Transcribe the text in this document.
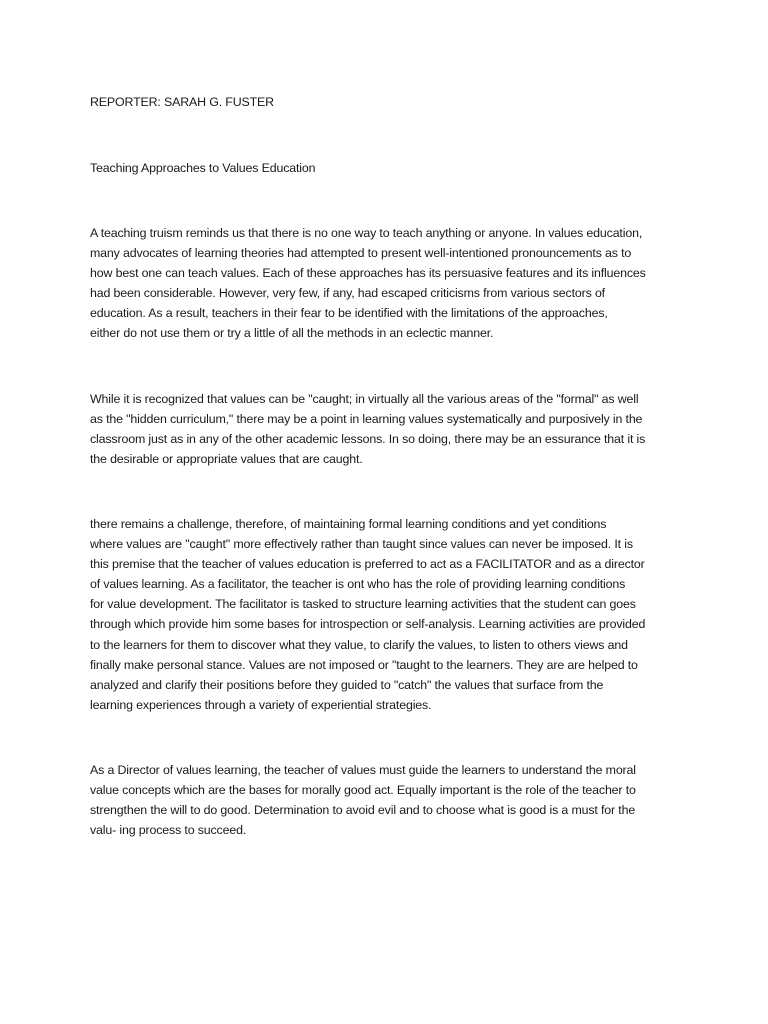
REPORTER: SARAH G. FUSTER
Teaching Approaches to Values Education
A teaching truism reminds us that there is no one way to teach anything or anyone. In values education,
many advocates of learning theories had attempted to present well-intentioned pronouncements as to
how best one can teach values. Each of these approaches has its persuasive features and its influences
had been considerable. However, very few, if any, had escaped criticisms from various sectors of
education. As a result, teachers in their fear to be identified with the limitations of the approaches,
either do not use them or try a little of all the methods in an eclectic manner.
While it is recognized that values can be "caught; in virtually all the various areas of the "formal" as well
as the "hidden curriculum," there may be a point in learning values systematically and purposively in the
classroom just as in any of the other academic lessons. In so doing, there may be an essurance that it is
the desirable or appropriate values that are caught.
there remains a challenge, therefore, of maintaining formal learning conditions and yet conditions
where values are "caught" more effectively rather than taught since values can never be imposed. It is
this premise that the teacher of values education is preferred to act as a FACILITATOR and as a director
of values learning. As a facilitator, the teacher is ont who has the role of providing learning conditions
for value development. The facilitator is tasked to structure learning activities that the student can goes
through which provide him some bases for introspection or self-analysis. Learning activities are provided
to the learners for them to discover what they value, to clarify the values, to listen to others views and
finally make personal stance. Values are not imposed or "taught to the learners. They are are helped to
analyzed and clarify their positions before they guided to "catch" the values that surface from the
learning experiences through a variety of experiential strategies.
As a Director of values learning, the teacher of values must guide the learners to understand the moral
value concepts which are the bases for morally good act. Equally important is the role of the teacher to
strengthen the will to do good. Determination to avoid evil and to choose what is good is a must for the
valu- ing process to succeed.
